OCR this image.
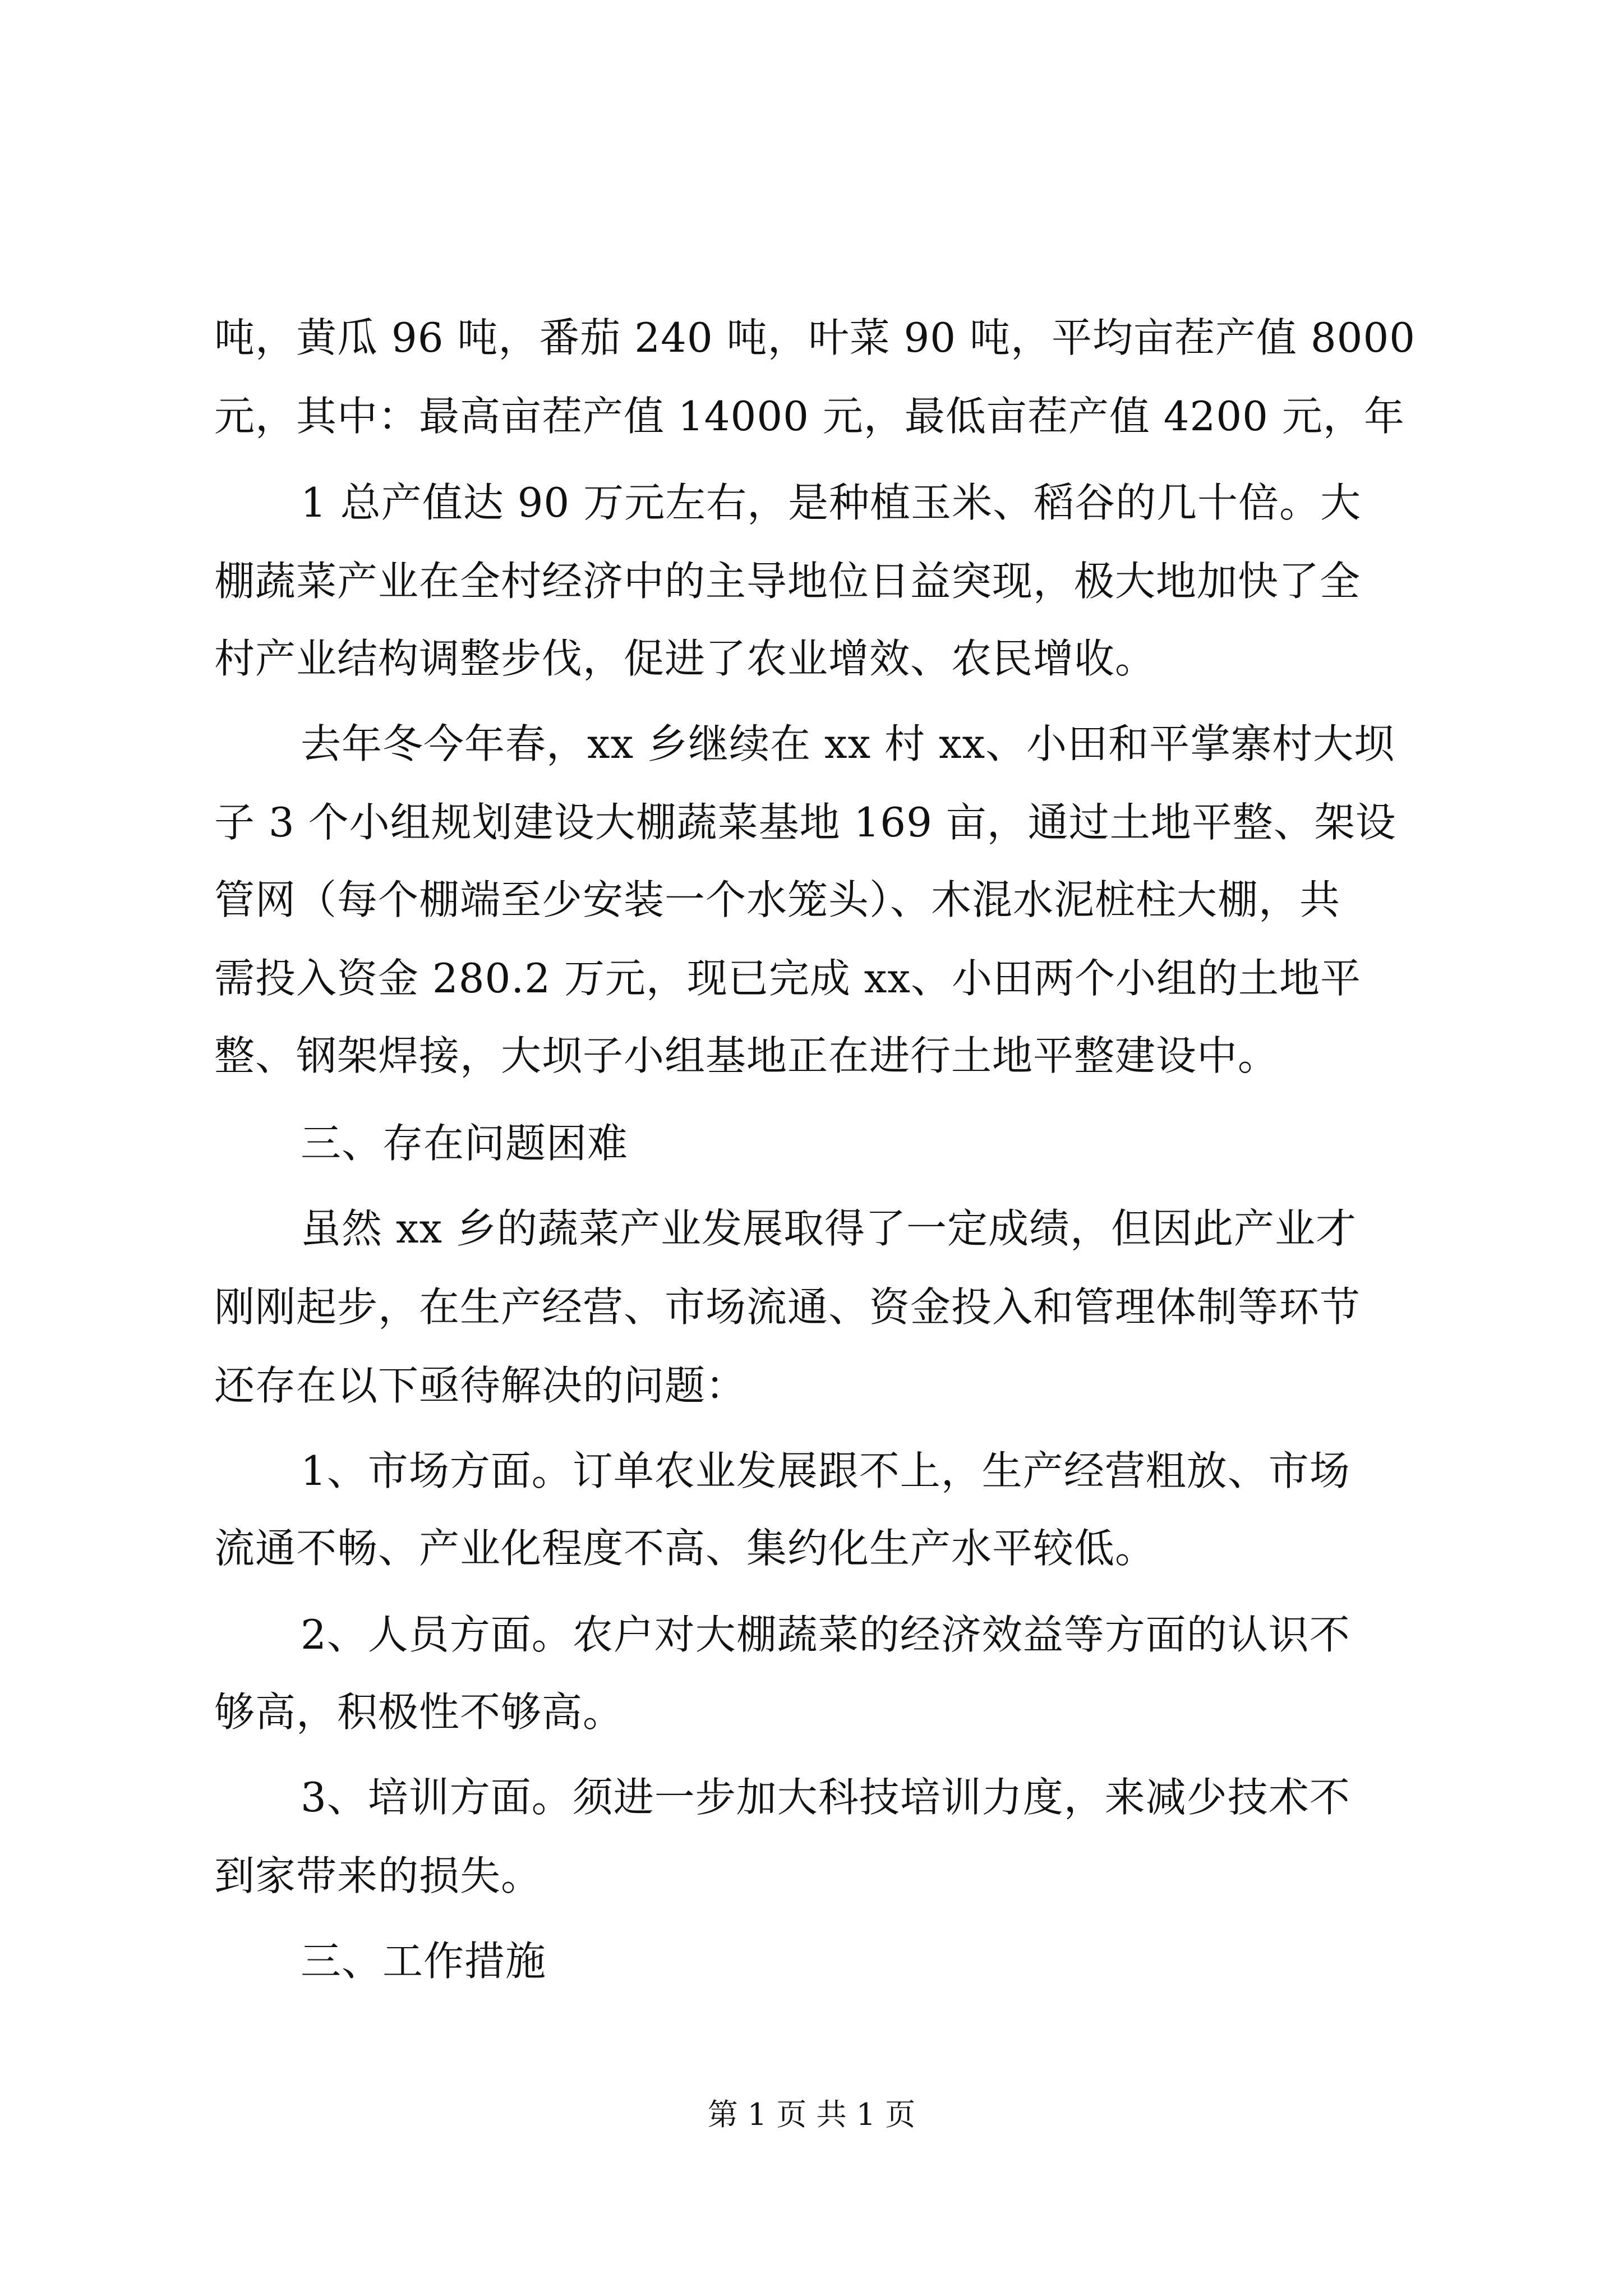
吨，黄瓜 96 吨，番茄 240 吨，叶菜 90 吨，平均亩茬产值 8000
元，其中：最高亩茬产值 14000 元，最低亩茬产值 4200 元，年
1 总产值达 90 万元左右，是种植玉米、稻谷的几十倍。大
棚蔬菜产业在全村经济中的主导地位日益突现，极大地加快了全
村产业结构调整步伐，促进了农业增效、农民增收。
去年冬今年春，xx 乡继续在 xx 村 xx、小田和平掌寨村大坝
子 3 个小组规划建设大棚蔬菜基地 169 亩，通过土地平整、架设
管网（每个棚端至少安装一个水笼头）、木混水泥桩柱大棚，共
需投入资金 280.2 万元，现已完成 xx、小田两个小组的土地平
整、钢架焊接，大坝子小组基地正在进行土地平整建设中。
三、存在问题困难
虽然 xx 乡的蔬菜产业发展取得了一定成绩，但因此产业才
刚刚起步，在生产经营、市场流通、资金投入和管理体制等环节
还存在以下亟待解决的问题：
1、市场方面。订单农业发展跟不上，生产经营粗放、市场
流通不畅、产业化程度不高、集约化生产水平较低。
2、人员方面。农户对大棚蔬菜的经济效益等方面的认识不
够高，积极性不够高。
3、培训方面。须进一步加大科技培训力度，来减少技术不
到家带来的损失。
三、工作措施
第 1 页 共 1 页
